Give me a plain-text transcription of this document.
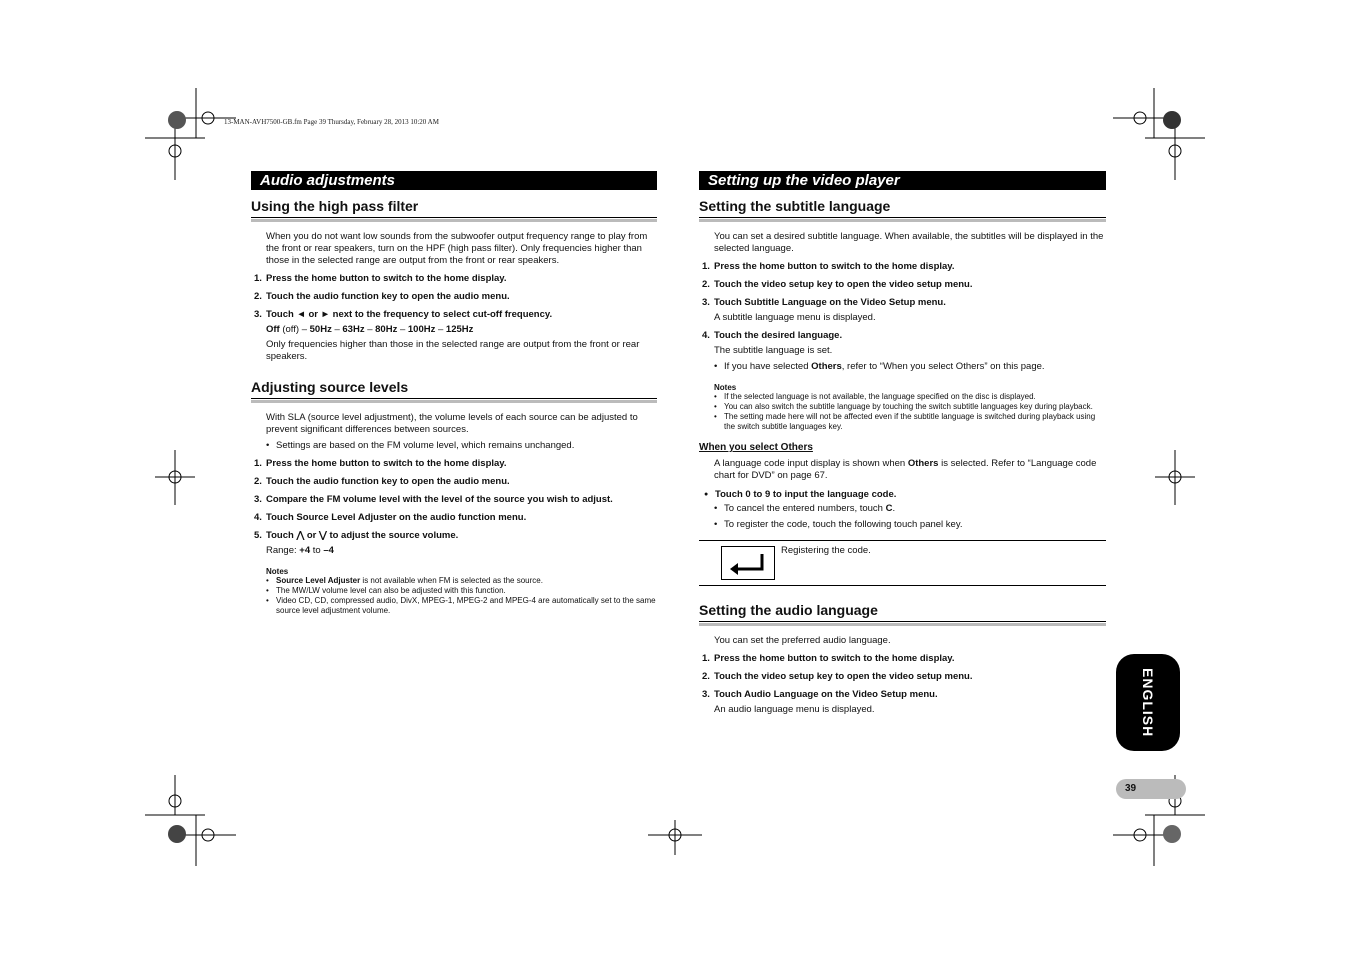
13-MAN-AVH7500-GB.fm Page 39 Thursday, February 28, 2013 10:20 AM
Audio adjustments
Using the high pass filter
When you do not want low sounds from the subwoofer output frequency range to play from the front or rear speakers, turn on the HPF (high pass filter). Only frequencies higher than those in the selected range are output from the front or rear speakers.
1. Press the home button to switch to the home display.
2. Touch the audio function key to open the audio menu.
3. Touch ◄ or ► next to the frequency to select cut-off frequency.
Off (off) – 50Hz – 63Hz – 80Hz – 100Hz – 125Hz
Only frequencies higher than those in the selected range are output from the front or rear speakers.
Adjusting source levels
With SLA (source level adjustment), the volume levels of each source can be adjusted to prevent significant differences between sources.
• Settings are based on the FM volume level, which remains unchanged.
1. Press the home button to switch to the home display.
2. Touch the audio function key to open the audio menu.
3. Compare the FM volume level with the level of the source you wish to adjust.
4. Touch Source Level Adjuster on the audio function menu.
5. Touch ⋀ or ⋁ to adjust the source volume.
Range: +4 to –4
Notes
• Source Level Adjuster is not available when FM is selected as the source.
• The MW/LW volume level can also be adjusted with this function.
• Video CD, CD, compressed audio, DivX, MPEG-1, MPEG-2 and MPEG-4 are automatically set to the same source level adjustment volume.
Setting up the video player
Setting the subtitle language
You can set a desired subtitle language. When available, the subtitles will be displayed in the selected language.
1. Press the home button to switch to the home display.
2. Touch the video setup key to open the video setup menu.
3. Touch Subtitle Language on the Video Setup menu.
A subtitle language menu is displayed.
4. Touch the desired language.
The subtitle language is set.
• If you have selected Others, refer to “When you select Others” on this page.
Notes
• If the selected language is not available, the language specified on the disc is displayed.
• You can also switch the subtitle language by touching the switch subtitle languages key during playback.
• The setting made here will not be affected even if the subtitle language is switched during playback using the switch subtitle languages key.
When you select Others
A language code input display is shown when Others is selected. Refer to “Language code chart for DVD” on page 67.
● Touch 0 to 9 to input the language code.
• To cancel the entered numbers, touch C.
• To register the code, touch the following touch panel key.
Registering the code.
Setting the audio language
You can set the preferred audio language.
1. Press the home button to switch to the home display.
2. Touch the video setup key to open the video setup menu.
3. Touch Audio Language on the Video Setup menu.
An audio language menu is displayed.	ENGLISH
39
